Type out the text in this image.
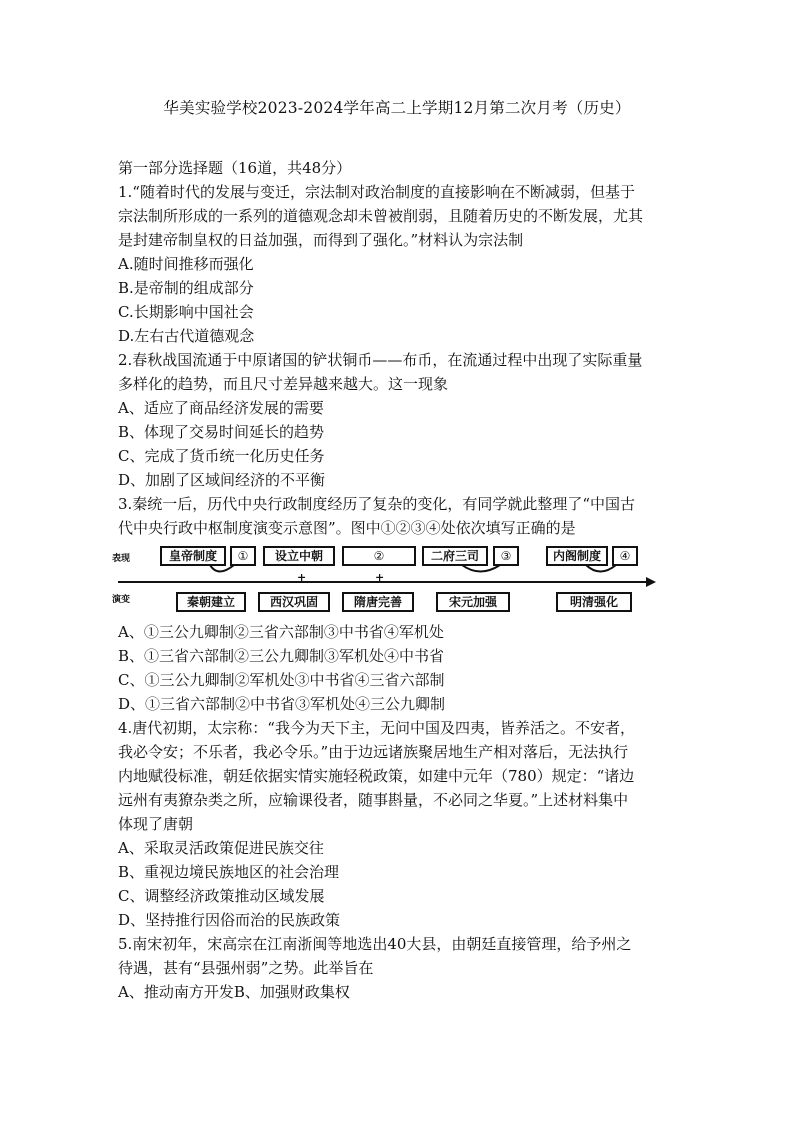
华美实验学校2023-2024学年高二上学期12月第二次月考（历史）
第一部分选择题（16道，共48分）
1.“随着时代的发展与变迁，宗法制对政治制度的直接影响在不断减弱，但基于
宗法制所形成的一系列的道德观念却未曾被削弱，且随着历史的不断发展，尤其
是封建帝制皇权的日益加强，而得到了强化。”材料认为宗法制
A.随时间推移而强化
B.是帝制的组成部分
C.长期影响中国社会
D.左右古代道德观念
2.春秋战国流通于中原诸国的铲状铜币——布币，在流通过程中出现了实际重量
多样化的趋势，而且尺寸差异越来越大。这一现象
A、适应了商品经济发展的需要
B、体现了交易时间延长的趋势
C、完成了货币统一化历史任务
D、加剧了区域间经济的不平衡
3.秦统一后，历代中央行政制度经历了复杂的变化，有同学就此整理了“中国古
代中央行政中枢制度演变示意图”。图中①②③④处依次填写正确的是
表现
演变
皇帝制度	①	设立中朝	②	二府三司	③	内阁制度	④
+	+
秦朝建立	西汉巩固	隋唐完善	宋元加强	明清强化
A、①三公九卿制②三省六部制③中书省④军机处
B、①三省六部制②三公九卿制③军机处④中书省
C、①三公九卿制②军机处③中书省④三省六部制
D、①三省六部制②中书省③军机处④三公九卿制
4.唐代初期，太宗称：“我今为天下主，无问中国及四夷，皆养活之。不安者，
我必令安；不乐者，我必令乐。”由于边远诸族聚居地生产相对落后，无法执行
内地赋役标准，朝廷依据实情实施轻税政策，如建中元年（780）规定：“诸边
远州有夷獠杂类之所，应输课役者，随事斟量，不必同之华夏。”上述材料集中
体现了唐朝
A、采取灵活政策促进民族交往
B、重视边境民族地区的社会治理
C、调整经济政策推动区域发展
D、坚持推行因俗而治的民族政策
5.南宋初年，宋高宗在江南浙闽等地选出40大县，由朝廷直接管理，给予州之
待遇，甚有“县强州弱”之势。此举旨在
A、推动南方开发B、加强财政集权
